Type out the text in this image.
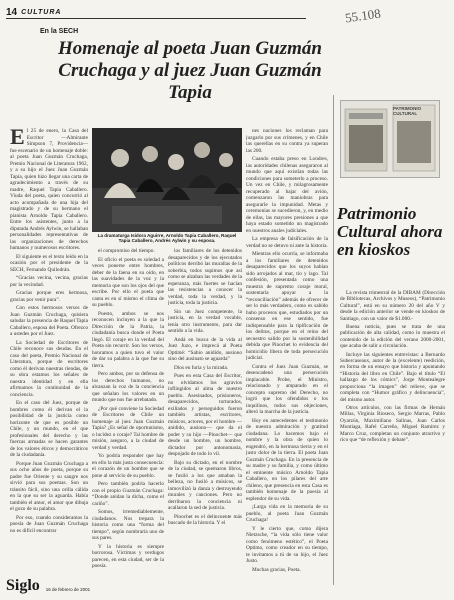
14 CULTURA	55.108
En la SECH
Homenaje al poeta Juan Guzmán Cruchaga y al juez Juan Guzmán Tapia

El 25 de enero, la Casa del Escritor —Almirante Simpson 7, Providencia— fue escenario de un homenaje doble: al poeta Juan Guzmán Cruchaga, Premio Nacional de Literatura 1962, y a su hijo el Juez Juan Guzmán Tapia, quien hizo llegar una carta de agradecimiento a través de su madre, Raquel Tapia Caballero. Viuda del poeta, quien concurrió al acto acompañada de una hija del magistrado y de su hermano el pianista Arnoldo Tapia Caballero. Entre los asistentes, junto a la diputada Andrés Aylwin, se hallaban personalidades representativas de las organizaciones de derechos humanos y numerosos escritores.

El siguiente es el texto leído en la ocasión por el presidente de la SECH, Fernando Quilodrán.

“Gracias vecina, vecina, gracias por la vecindad.

Gracias porque eres hermosa, gracias por venir pura”.

Con estos hermosos versos de Juan Guzmán Cruchaga, quisiera saludar la presencia de Raquel Tapia Caballero, esposa del Poeta. Ofrezco a ustedes por el Juez.

La Sociedad de Escritores de Chile reconoce sus deudas. En el caso del poeta, Premio Nacional de Literatura, porque de escritores como él derivan nuestras riendas, de su obra estamos los señales de nuestra identidad y en ella afirmamos la continuidad de la conciencia.

En el caso del Juez, porque de hombres como él derivan el la posibilidad de la justicia como horizonte de que es posible un Chile, y un mundo, en el que profesionales del derecho y las fuerzas armadas se hacen garantes de los valores éticos y democráticos de la ciudadanía.

Porque Juan Guzmán Cruchaga a sus ocho años de poeta, porque su padre fue Oriente y su sangre nos sirvió para sus poemas. Son un tránsito fácil, sino una orilla cálida en la que su ser la aguarda. Había también el amor, el amor que dibuja el gozo de su palabra.

Por eso, cuando consideramos la poesía de Juan Guzmán Cruchaga no es difícil encontrar

La dramaturga Isidora Aguirre, Arnoldo Tapia Caballero, Raquel Tapia Caballero, Andrés Aylwin y su esposa.

el compromiso del tiempo.

El oficio el poeta es soledad a veces ponerse entre hombres, deber de la faena en su oído, en las suavidades de la voz y la memoria que son los ojos del que escribe. Por ello el poeta que canta es en sí mismo el clima de su pueblo.

Puesto, ambos se nos reconocen incluyen a la que la Dirección de la Patria, la ciudadanía busca donde el Poeta llegó. El coraje en la verdad del Poeta sin recurrir. Son los versos, honramos a quien tuvo el valor de dar su palabra a la que fue su tierra.

Pero ambos, por su defensa de los derechos humanos, no alcanzan la voz de la conciencia que señalan los valores en un mundo que nos fue arrebatado.

¿Por qué conviene la Sociedad de Escritores de Chile un homenaje al juez Juan Guzmán Tapia? ¿Es señal de oportunismo, o lucidez o coraje? Tal hombre de misión, aseguro, a la ciudad de verdad y verdad.

Yo podría responder que hay en ello la más justa consecuencia: el corazón de un hombre que se pone al servicio de su pueblo.

Pero también podría hacerlo con el propio Guzmán Cruchaga: “Donde anidan la dicha, como el cariño”.

Somos, irremediablemente, ciudadanos. Nos trepara la historia como una “forma del tiempo”, según nombraría uno de sus pares.

Y la historia es siempre horrorosa. Víctimas y verdugos parecen, en esta ciudad, ser de la poesía.

los familiares de los detenidos desaparecidos y de los ejecutados políticos derribó las murallas de la soberbia, todos supimos que así como se alzaban las verdades de la esperanza, más fuertes se hacían las resistencias a conocer la verdad, toda la verdad, y la justicia, toda la justicia.

Sin un Juez competente, la justicia, en la verdad vocable, tenía otro instrumento, para dar sentido a la vida.

Andá en busca de la vida al Juez Juzo, e imprecá al Poeta Optimé: “Sabio anidido, ausiono sino del ausinato se aguarda”

Dios en furia y la mirada.

Pues en esta Casa del Escritor, no olvidamos los agravios inflingidos al alma de nuestro pueblo. Asesinados, prisioneros, desaparecidos, torturados, exiliados y perseguidos fueron también artistas, escritores, músicos, actores, por el hombre —anidido, ausiono— que da el poder y su hijo —Pinochet— que desde un hombre, un hombre, dictador por antonomasia, despojado de todo lo vil.

Bajo su dictado, en el nombre de la ciudad, se quemaron libros, se fusiló a los que amaban la belleza, no fusiló a músicos, se inmovilizó la danza y destruyendo murales y canciones. Pero no derribaron la conciencia ni acallaron la sed de justicia.

Pinochet es el delincuente más buscado de la historia. Y el

nes naciones los reclaman para juzgarlo por sus crímenes, y en Chile las querellas en su contra ya superan las 200.

Cuando estaba preso en Londres, las autoridades chilenas aseguraron al mundo que aquí existían todas las condiciones para someterlo a proceso. Un vez en Chile, y milagrosamente recuperado al bajar del avión, comenzaron las maniobras para asegurarle la impunidad. Metas y ceremonias se sucedieron, y, en medio de ellas, las mayores presiones a que haya estado sometido un magistrado en nuestros anales judiciales.

La empresa de falsificación de la verdad no se detuvo ni ante la historia.

Mientras ello ocurría, se informaba a los familiares de detenidos desaparecidos que los suyos habían sido arrojados al mar, tío y lago. Tal confesión, presentada como una muestra de supremo coraje moral, sustentaría apoyar a la “reconciliación” además de ofrecer de ser lo más verdadero, como es sabido hubo procesos que, estudiados por un consenso en ese sentido, fue indispensable para la tipificación de los delitos, porque en el reino del secuestro salido por la sostenibilidad debida que Pinochet lo evidencia del homicidio libera de toda persecución judicial.

Contra el Juez Juan Guzmán, se desencadenó una persecución implacable. Probe, el Ministro, relacionado y amparado en el concepto supremo del Derecho, no logró que los ofendidos o los inquilinos, todos sus objeciones, alteró la marcha de la justicia.

Hoy en antecedentes el testimonio de nuestra admiración y gratitud ciudadana. Lo hacemos bajo el nombre y la obra de quien lo engendró, en la hermosa tierra y en el justo dolor de la tierra. El poeta Juan Guzmán Cruchaga. En la presencia de su madre y su familia, y como último el eminente músico Arnoldo Tapia Caballero, en los pilares del arte chileno, que presencia en esta Casa es también homenaje de la poesía al esplendor de su vida.

¡Larga vida en la memoria de su pueblo, al poeta Juan Guzmán Cruchaga!

Y le cierto que, como dijera Nietzsche, “la vida sólo tiene valor como fenómeno estético”, el Poeta Optimo, como creador en su tiempo, te invitamos a tú de su hijo, el Juez Justo.

Muchas gracias, Poeta.

PATRIMONIO CULTURAL
Patrimonio Cultural ahora en kioskos

La revista trimestral de la DIBAM (Dirección de Bibliotecas, Archivos y Museos), “Patrimonio Cultural”, está en su número 20 del año V y desde la edición anterior se vende en kioskos de Santiago, con un valor de $1.000.-

Buena noticia, pues se trata de una publicación de alta calidad, como lo muestra el contenido de la edición del verano 2000-2001, que acaba de salir a circulación.

Incluye las siguientes entrevistas: a Bernardo Subercaseaux, autor de la (excelente) reedición, en forma de un ensayo que historia y apuntando “Historia del libro en Chile”. Bajo el título “El hallazgo de los cómics”, Jorge Montealegre proporciona “la imagen” del relieve, que se completa con “Humor gráfico y delincuencia”, del mismo autor.

Otros artículos, con las firmas de Hernán Millas, Virginia Rioseco, Sergio Marras, Pablo Oyarzún, Maximiliano Salinas, Juan Carlos Montiaga, Rafel Carreño, Miguel Ramírez y Marco Cruz, completan un conjunto atractivo y rico que “de reflexión y debate”.

Siglo 16 de febrero de 2001
